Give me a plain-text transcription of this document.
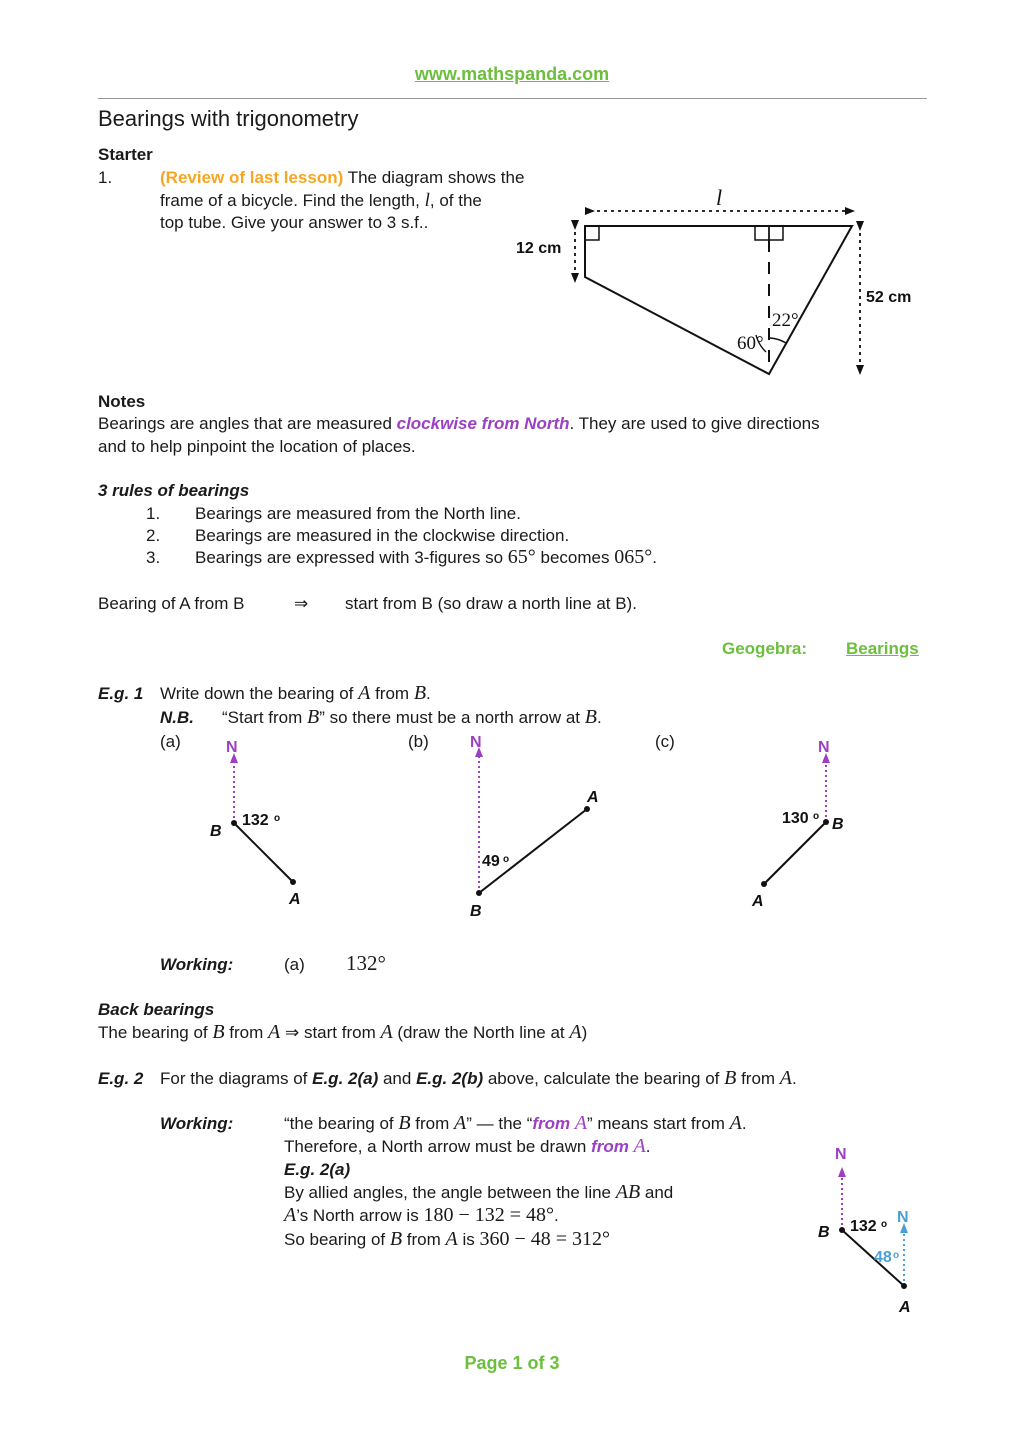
www.mathspanda.com
Bearings with trigonometry
Starter
1.	(Review of last lesson) The diagram shows the
frame of a bicycle. Find the length, l, of the
top tube. Give your answer to 3 s.f..
l
12 cm
52 cm
22°
60°
Notes
Bearings are angles that are measured clockwise from North. They are used to give directions
and to help pinpoint the location of places.
3 rules of bearings
1. Bearings are measured from the North line.
2. Bearings are measured in the clockwise direction.
3. Bearings are expressed with 3-figures so 65° becomes 065°.
Bearing of A from B	⇒ start from B (so draw a north line at B).
Geogebra: Bearings
E.g. 1 Write down the bearing of A from B.
N.B. “Start from B” so there must be a north arrow at B.
(a)	(b)	(c)
N
B
A
132 o
N
B
A
49 o
N
B
A
130 o
Working:	(a) 132°
Back bearings
The bearing of B from A ⇒ start from A (draw the North line at A)
E.g. 2 For the diagrams of E.g. 2(a) and E.g. 2(b) above, calculate the bearing of B from A.
Working:	“the bearing of B from A” — the “from A” means start from A.
Therefore, a North arrow must be drawn from A.
E.g. 2(a)
By allied angles, the angle between the line AB and
A’s North arrow is 180 − 132 = 48°.
So bearing of B from A is 360 − 48 = 312°
N
N
B
A
132 o
48 o
Page 1 of 3
